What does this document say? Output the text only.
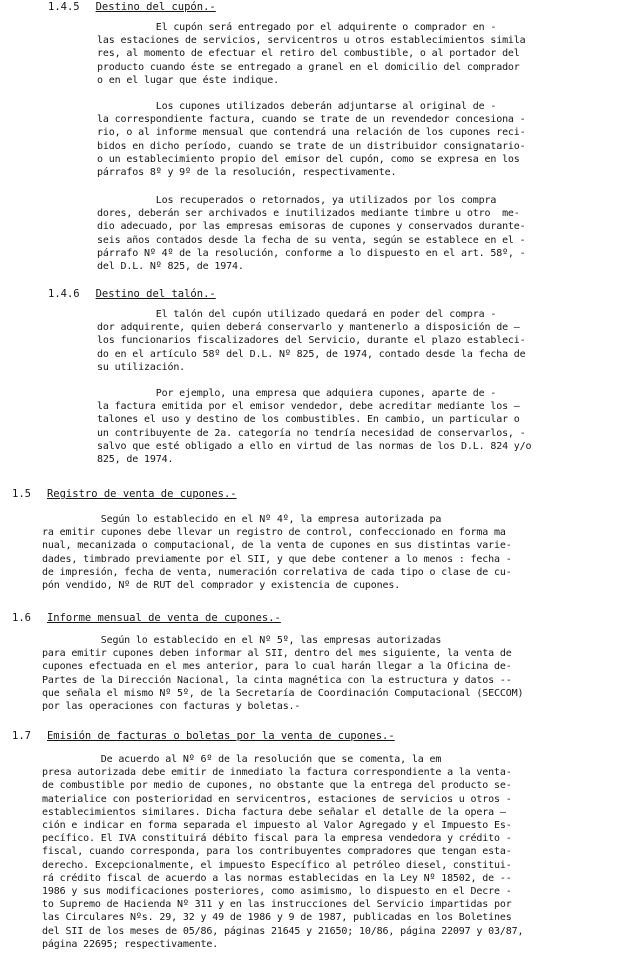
1.4.5 Destino del cupón.-
El cupón será entregado por el adquirente o comprador en -
las estaciones de servicios, servicentros u otros establecimientos simila
res, al momento de efectuar el retiro del combustible, o al portador del
producto cuando éste se entregado a granel en el domicilio del comprador
o en el lugar que éste indique.
Los cupones utilizados deberán adjuntarse al original de -
la correspondiente factura, cuando se trate de un revendedor concesiona -
rio, o al informe mensual que contendrá una relación de los cupones reci-
bidos en dicho período, cuando se trate de un distribuidor consignatario-
o un establecimiento propio del emisor del cupón, como se expresa en los
párrafos 8º y 9º de la resolución, respectivamente.
Los recuperados o retornados, ya utilizados por los compra
dores, deberán ser archivados e inutilizados mediante timbre u otro  me-
dio adecuado, por las empresas emisoras de cupones y conservados durante-
seis años contados desde la fecha de su venta, según se establece en el -
párrafo Nº 4º de la resolución, conforme a lo dispuesto en el art. 58º, -
del D.L. Nº 825, de 1974.
1.4.6 Destino del talón.-
El talón del cupón utilizado quedará en poder del compra -
dor adquirente, quien deberá conservarlo y mantenerlo a disposición de —
los funcionarios fiscalizadores del Servicio, durante el plazo estableci-
do en el artículo 58º del D.L. Nº 825, de 1974, contado desde la fecha de
su utilización.
Por ejemplo, una empresa que adquiera cupones, aparte de -
la factura emitida por el emisor vendedor, debe acreditar mediante los —
talones el uso y destino de los combustibles. En cambio, un particular o
un contribuyente de 2a. categoría no tendría necesidad de conservarlos, -
salvo que esté obligado a ello en virtud de las normas de los D.L. 824 y/o
825, de 1974.
1.5 Registro de venta de cupones.-
Según lo establecido en el Nº 4º, la empresa autorizada pa
ra emitir cupones debe llevar un registro de control, confeccionado en forma ma
nual, mecanizada o computacional, de la venta de cupones en sus distintas varie-
dades, timbrado previamente por el SII, y que debe contener a lo menos : fecha -
de impresión, fecha de venta, numeración correlativa de cada tipo o clase de cu-
pón vendido, Nº de RUT del comprador y existencia de cupones.
1.6 Informe mensual de venta de cupones.-
Según lo establecido en el Nº 5º, las empresas autorizadas
para emitir cupones deben informar al SII, dentro del mes siguiente, la venta de
cupones efectuada en el mes anterior, para lo cual harán llegar a la Oficina de-
Partes de la Dirección Nacional, la cinta magnética con la estructura y datos --
que señala el mismo Nº 5º, de la Secretaría de Coordinación Computacional (SECCOM)
por las operaciones con facturas y boletas.-
1.7 Emisión de facturas o boletas por la venta de cupones.-
De acuerdo al Nº 6º de la resolución que se comenta, la em
presa autorizada debe emitir de inmediato la factura correspondiente a la venta-
de combustible por medio de cupones, no obstante que la entrega del producto se-
materialice con posterioridad en servicentros, estaciones de servicios u otros -
establecimientos similares. Dicha factura debe señalar el detalle de la opera —
ción e indicar en forma separada el impuesto al Valor Agregado y el Impuesto Es-
pecífico. El IVA constituirá débito fiscal para la empresa vendedora y crédito -
fiscal, cuando corresponda, para los contribuyentes compradores que tengan esta-
derecho. Excepcionalmente, el impuesto Específico al petróleo diesel, constitui-
rá crédito fiscal de acuerdo a las normas establecidas en la Ley Nº 18502, de --
1986 y sus modificaciones posteriores, como asimismo, lo dispuesto en el Decre -
to Supremo de Hacienda Nº 311 y en las instrucciones del Servicio impartidas por
las Circulares Nºs. 29, 32 y 49 de 1986 y 9 de 1987, publicadas en los Boletines
del SII de los meses de 05/86, páginas 21645 y 21650; 10/86, página 22097 y 03/87,
página 22695; respectivamente.
